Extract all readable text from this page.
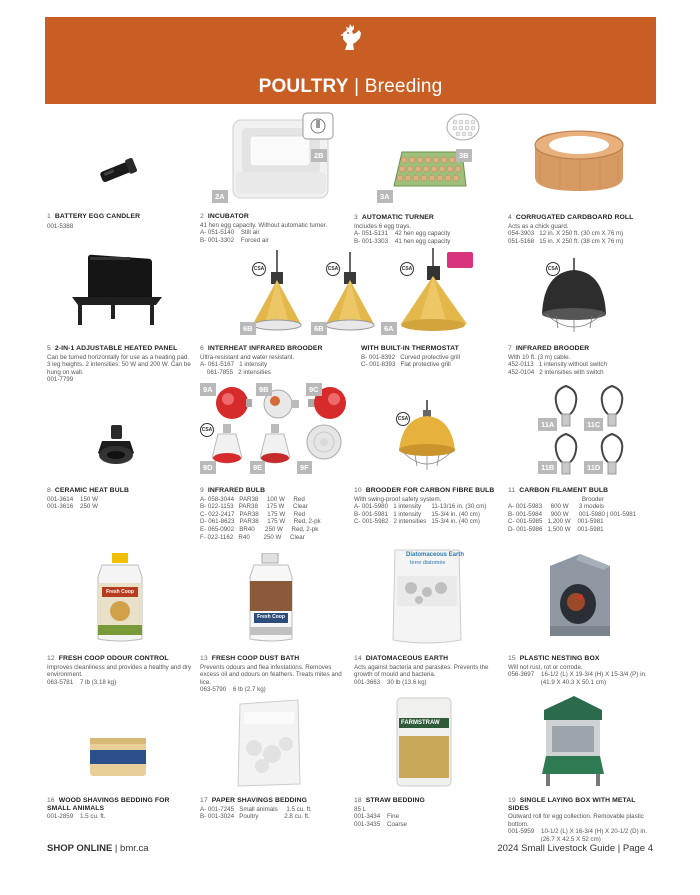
POULTRY | Breeding
2A
2B
3A
3B
1 BATTERY EGG CANDLER
001-5388
2 INCUBATOR
41 hen egg capacity. Without automatic turner.
A- 051-5140    Still air
B- 001-3302    Forced air
3 AUTOMATIC TURNER
Includes 6 egg trays.
A- 051-5131    42 hen egg capacity
B- 001-3303    41 hen egg capacity
4 CORRUGATED CARDBOARD ROLL
Acts as a chick guard.
054-3903   12 in. X 250 ft. (30 cm X 76 m)
051-5168   15 in. X 250 ft. (38 cm X 76 m)
CSA	CSA	CSA
6B	6B	6A
CSA
5 2-IN-1 ADJUSTABLE HEATED PANEL
Can be turned horizontally for use as a heating pad. 3 leg heights. 2 intensities: 50 W and 200 W. Can be hung on wall.
001-7799
6 INTERHEAT INFRARED BROODER
Ultra-resistant and water resistant.
A- 061-5167   1 intensity
061-7855   2 intensities
WITH BUILT-IN THERMOSTAT
B- 001-8392   Curved protective grill
C- 001-8393   Flat protective grill
7 INFRARED BROODER
With 10 ft. (3 m) cable.
452-0113   1 intensity without switch
452-0104   2 intensities with switch
CSA
9A	9B	9C
9D	9E	9F
CSA
11A	11C
11B	11D
8 CERAMIC HEAT BULB
001-3614    150 W
001-3616    250 W
9 INFRARED BULB
A- 058-3044   PAR38     100 W     Red
B- 022-1153   PAR38     175 W     Clear
C- 022-2417   PAR38     175 W     Red
D- 061-8623   PAR38     175 W     Red, 2-pk
E- 065-0902   BR40      250 W     Red, 2-pk
F- 022-1162   R40        250 W     Clear
10 BROODER FOR CARBON FIBRE BULB
With swing-proof safety system.
A- 001-5980   1 intensity      11-13/16 in. (30 cm)
B- 001-5981   1 intensity      15-3/4 in. (40 cm)
C- 001-5982   2 intensities   15-3/4 in. (40 cm)
11 CARBON FILAMENT BULB
Brooder
A- 001-5983     600 W      3 models
B- 001-5984     900 W      001-5980 | 001-5981
C- 001-5985   1,200 W    001-5981
D- 001-5986   1,500 W    001-5981
Fresh Coop
Fresh Coop
Diatomaceous Earth
terre diatomée
12 FRESH COOP ODOUR CONTROL
Improves cleanliness and provides a healthy and dry environment.
063-5781    7 lb (3.18 kg)
13 FRESH COOP DUST BATH
Prevents odours and flea infestations. Removes excess oil and odours on feathers. Treats mites and lice.
063-5790    6 lb (2.7 kg)
14 DIATOMACEOUS EARTH
Acts against bacteria and parasites. Prevents the growth of mould and bacteria.
001-3663    30 lb (13.6 kg)
15 PLASTIC NESTING BOX
Will not rust, rot or corrode.
056-3697    16-1/2 (L) X 19-3/4 (H) X 15-3/4 (P) in.
(41.9 X 40.3 X 50.1 cm)
FARMSTRAW
16 WOOD SHAVINGS BEDDING FOR SMALL ANIMALS
001-2859    1.5 cu. ft.
17 PAPER SHAVINGS BEDDING
A- 001-7245   Small animals     1.5 cu. ft.
B- 001-3024   Poultry               2.8 cu. ft.
18 STRAW BEDDING
85 L
001-3434    Fine
001-3435    Coarse
19 SINGLE LAYING BOX WITH METAL SIDES
Outward roll for egg collection. Removable plastic bottom.
001-5959    10-1/2 (L) X 16-3/4 (H) X 20-1/2 (D) in.
(26.7 X 42.5 X 52 cm)
SHOP ONLINE | bmr.ca	2024 Small Livestock Guide | Page 4
